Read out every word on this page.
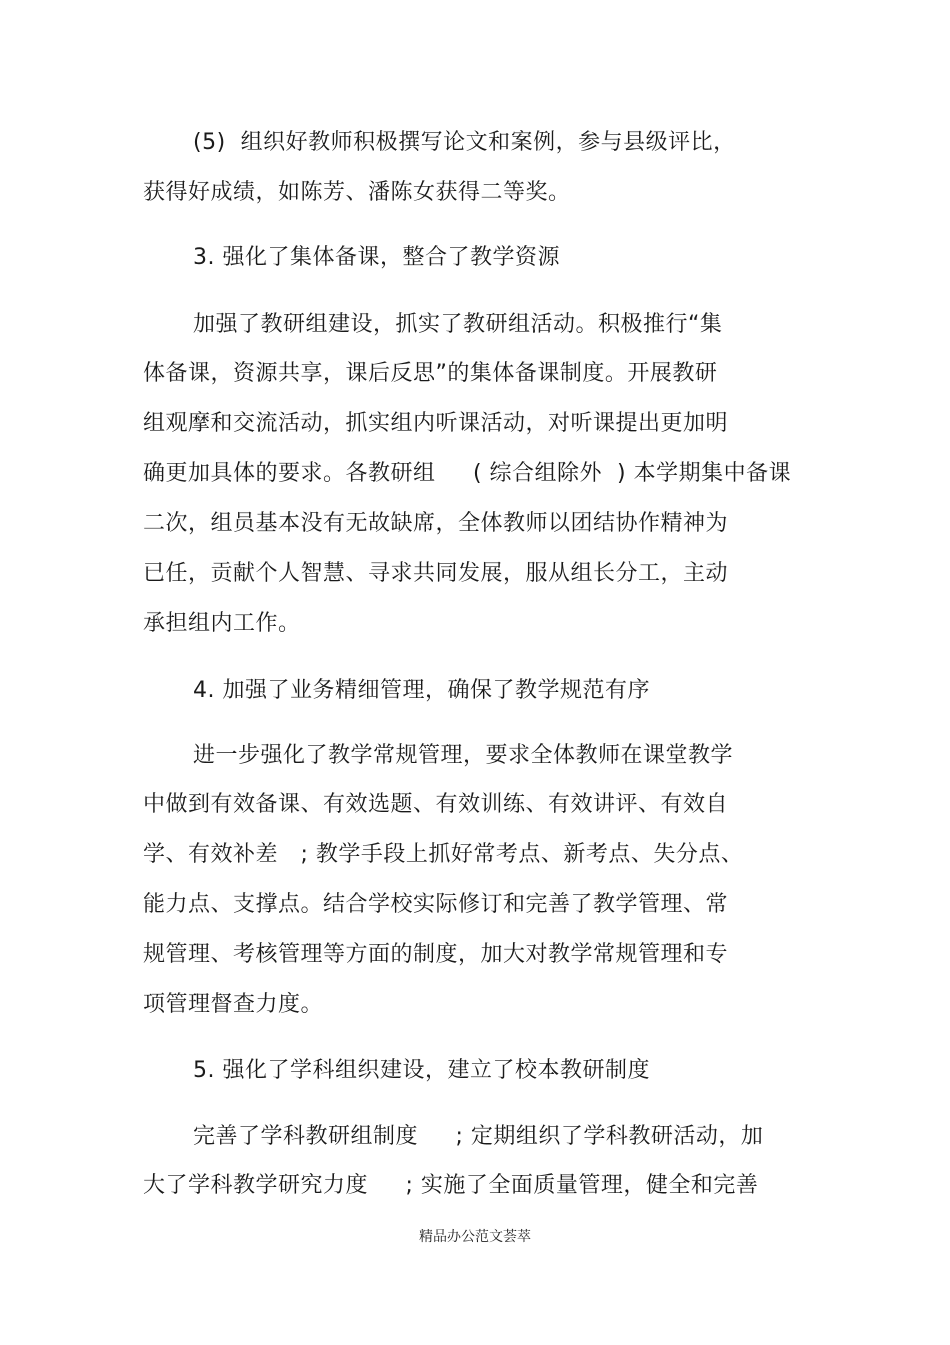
(5)  组织好教师积极撰写论文和案例，参与县级评比，
获得好成绩，如陈芳、潘陈女获得二等奖。
3. 强化了集体备课，整合了教学资源
加强了教研组建设，抓实了教研组活动。积极推行“集
体备课，资源共享，课后反思”的集体备课制度。开展教研
组观摩和交流活动，抓实组内听课活动，对听课提出更加明
确更加具体的要求。各教研组     ( 综合组除外  ) 本学期集中备课
二次，组员基本没有无故缺席，全体教师以团结协作精神为
已任，贡献个人智慧、寻求共同发展，服从组长分工，主动
承担组内工作。
4. 加强了业务精细管理，确保了教学规范有序
进一步强化了教学常规管理，要求全体教师在课堂教学
中做到有效备课、有效选题、有效训练、有效讲评、有效自
学、有效补差   ; 教学手段上抓好常考点、新考点、失分点、
能力点、支撑点。结合学校实际修订和完善了教学管理、常
规管理、考核管理等方面的制度，加大对教学常规管理和专
项管理督查力度。
5. 强化了学科组织建设，建立了校本教研制度
完善了学科教研组制度     ; 定期组织了学科教研活动，加
大了学科教学研究力度     ; 实施了全面质量管理，健全和完善
精品办公范文荟萃
